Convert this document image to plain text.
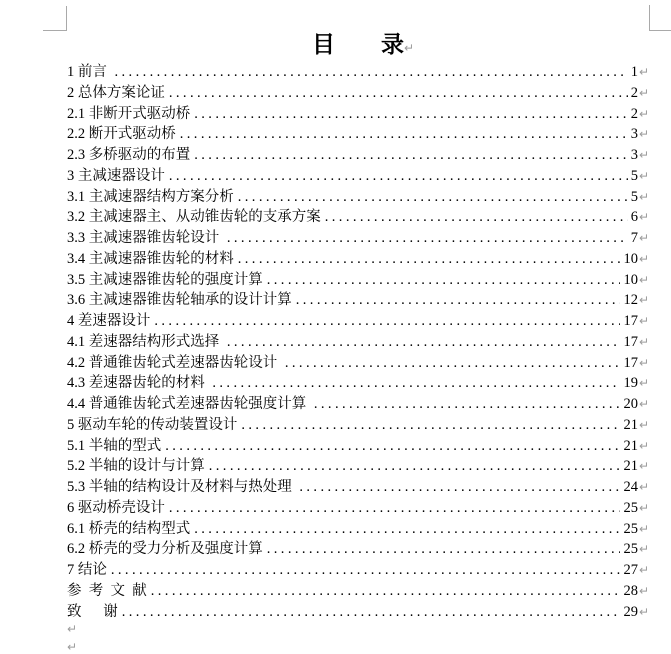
目　　录↵
1 前言 .....	1 ↵
2 总体方案论证 .....	2 ↵
2.1 非断开式驱动桥 .....	2 ↵
2.2 断开式驱动桥 .....	3 ↵
2.3 多桥驱动的布置 .....	3 ↵
3 主减速器设计 .....	5 ↵
3.1 主减速器结构方案分析 .....	5 ↵
3.2 主减速器主、从动锥齿轮的支承方案 .....	6 ↵
3.3 主减速器锥齿轮设计 .....	7 ↵
3.4 主减速器锥齿轮的材料 .....	10 ↵
3.5 主减速器锥齿轮的强度计算 .....	10 ↵
3.6 主减速器锥齿轮轴承的设计计算 .....	12 ↵
4 差速器设计 .....	17 ↵
4.1 差速器结构形式选择 .....	17 ↵
4.2 普通锥齿轮式差速器齿轮设计 .....	17 ↵
4.3 差速器齿轮的材料 .....	19 ↵
4.4 普通锥齿轮式差速器齿轮强度计算 .....	20 ↵
5 驱动车轮的传动装置设计 .....	21 ↵
5.1 半轴的型式 .....	21 ↵
5.2 半轴的设计与计算 .....	21 ↵
5.3 半轴的结构设计及材料与热处理 .....	24 ↵
6 驱动桥壳设计 .....	25 ↵
6.1 桥壳的结构型式 .....	25 ↵
6.2 桥壳的受力分析及强度计算 .....	25 ↵
7 结论 .....	27 ↵
参  考  文  献 .....	28 ↵
致      谢 .....	29 ↵
↵
↵
